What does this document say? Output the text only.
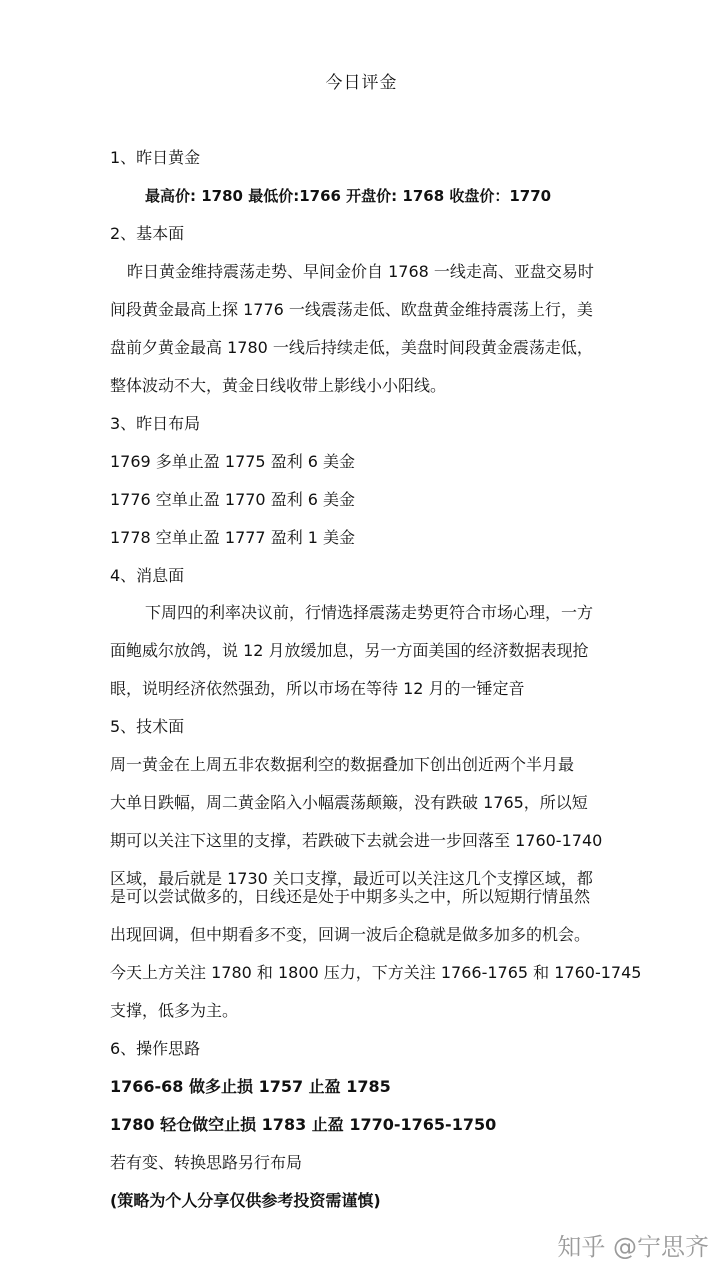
今日评金
1、昨日黄金
最高价: 1780 最低价:1766 开盘价: 1768 收盘价：1770
2、基本面
昨日黄金维持震荡走势、早间金价自 1768 一线走高、亚盘交易时
间段黄金最高上探 1776 一线震荡走低、欧盘黄金维持震荡上行，美
盘前夕黄金最高 1780 一线后持续走低，美盘时间段黄金震荡走低，
整体波动不大，黄金日线收带上影线小小阳线。
3、昨日布局
1769 多单止盈 1775 盈利 6 美金
1776 空单止盈 1770 盈利 6 美金
1778 空单止盈 1777 盈利 1 美金
4、消息面
下周四的利率决议前，行情选择震荡走势更符合市场心理，一方
面鲍威尔放鸽，说 12 月放缓加息，另一方面美国的经济数据表现抢
眼，说明经济依然强劲，所以市场在等待 12 月的一锤定音
5、技术面
周一黄金在上周五非农数据利空的数据叠加下创出创近两个半月最
大单日跌幅，周二黄金陷入小幅震荡颠簸，没有跌破 1765，所以短
期可以关注下这里的支撑，若跌破下去就会进一步回落至 1760-1740
区域，最后就是 1730 关口支撑，最近可以关注这几个支撑区域，都
是可以尝试做多的，日线还是处于中期多头之中，所以短期行情虽然
出现回调，但中期看多不变，回调一波后企稳就是做多加多的机会。
今天上方关注 1780 和 1800 压力，下方关注 1766-1765 和 1760-1745
支撑，低多为主。
6、操作思路
1766-68 做多止损 1757 止盈 1785
1780 轻仓做空止损 1783 止盈 1770-1765-1750
若有变、转换思路另行布局
(策略为个人分享仅供参考投资需谨慎)
知乎 @宁思齐
